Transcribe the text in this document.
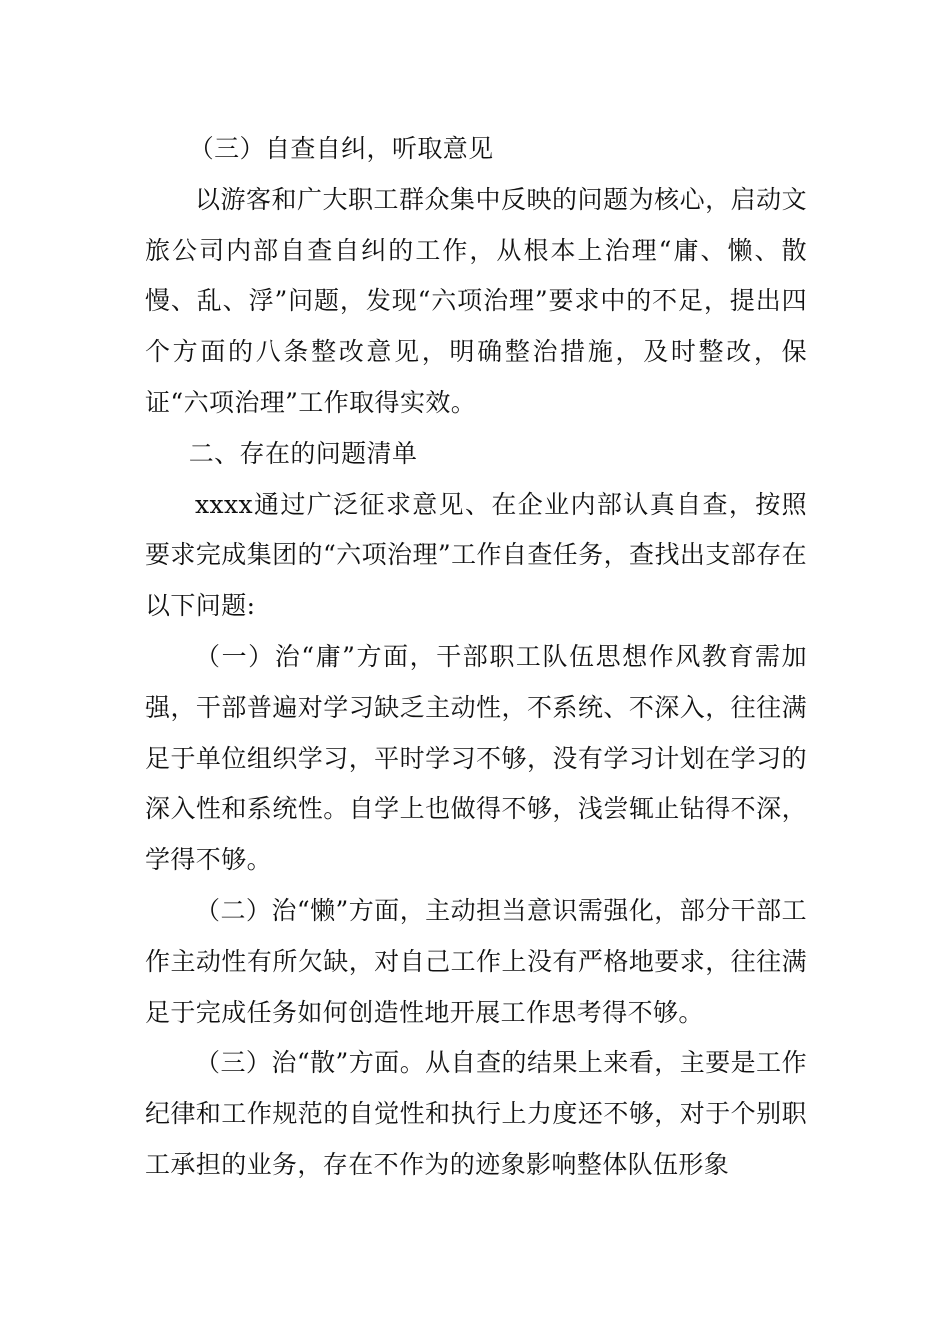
（三）自查自纠，听取意见

以游客和广大职工群众集中反映的问题为核心，启动文旅公司内部自查自纠的工作，从根本上治理“庸、懒、散慢、乱、浮”问题，发现“六项治理”要求中的不足，提出四个方面的八条整改意见，明确整治措施，及时整改，保证“六项治理”工作取得实效。

二、存在的问题清单

xxxx通过广泛征求意见、在企业内部认真自查，按照要求完成集团的“六项治理”工作自查任务，查找出支部存在以下问题:

（一）治“庸”方面，干部职工队伍思想作风教育需加强，干部普遍对学习缺乏主动性，不系统、不深入，往往满足于单位组织学习，平时学习不够，没有学习计划在学习的深入性和系统性。自学上也做得不够，浅尝辄止钻得不深，学得不够。

（二）治“懒”方面，主动担当意识需强化，部分干部工作主动性有所欠缺，对自己工作上没有严格地要求，往往满足于完成任务如何创造性地开展工作思考得不够。

（三）治“散”方面。从自查的结果上来看，主要是工作纪律和工作规范的自觉性和执行上力度还不够，对于个别职工承担的业务，存在不作为的迹象影响整体队伍形象
